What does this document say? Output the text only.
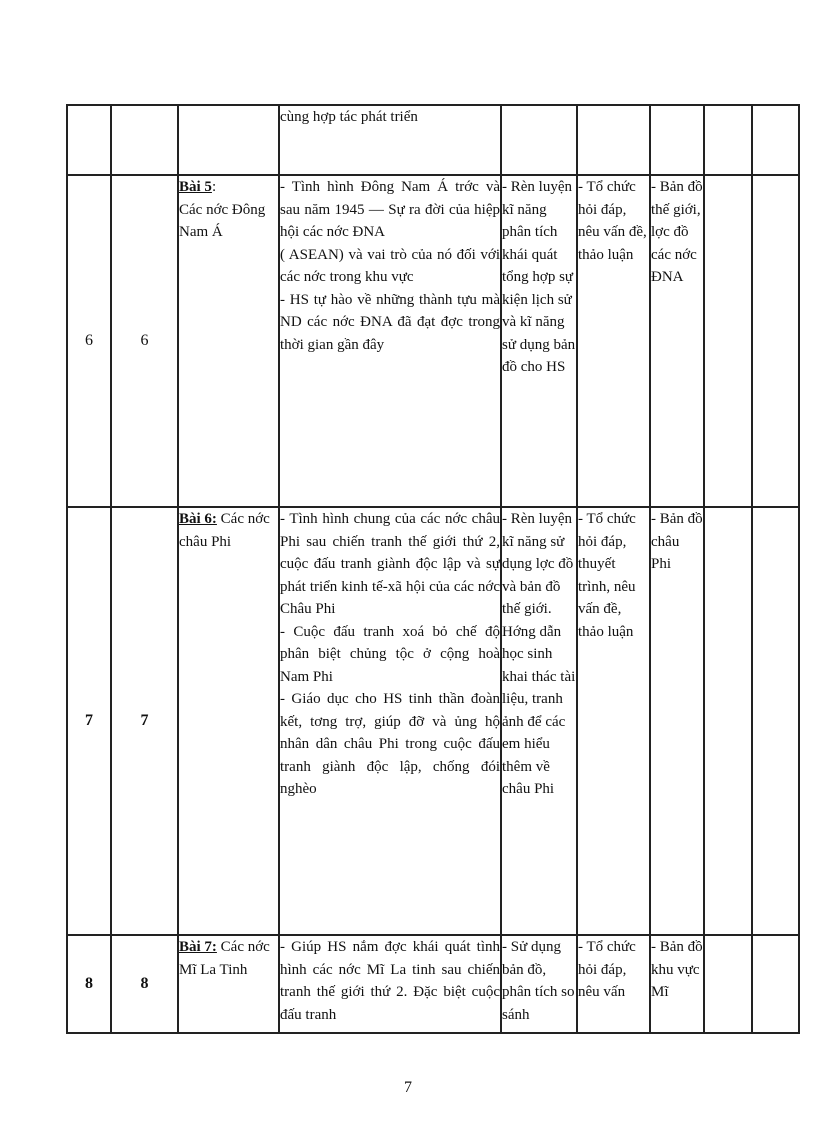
			cùng hợp tác phát triển					
6	6	Bài 5:
Các nớc Đông Nam Á	- Tình hình Đông Nam Á trớc và sau năm 1945 — Sự ra đời của hiệp hội các nớc ĐNA
( ASEAN) và vai trò của nó đối với các nớc trong khu vực
- HS tự hào về những thành tựu mà ND các nớc ĐNA đã đạt đợc trong thời gian gần đây	- Rèn luyện kĩ năng phân tích khái quát tổng hợp sự kiện lịch sử và kĩ năng sử dụng bản đồ cho HS	- Tổ chức hỏi đáp, nêu vấn đề, thảo luận	- Bản đồ thế giới, lợc đồ các nớc ĐNA		
7	7	Bài 6: Các nớc châu Phi	- Tình hình chung của các nớc châu Phi sau chiến tranh thế giới thứ 2, cuộc đấu tranh giành độc lập và sự phát triển kinh tế-xã hội của các nớc Châu Phi
- Cuộc đấu tranh xoá bỏ chế độ phân biệt chủng tộc ở cộng hoà Nam Phi
- Giáo dục cho HS tinh thần đoàn kết, tơng trợ, giúp đỡ và ủng hộ nhân dân châu Phi trong cuộc đấu tranh giành độc lập, chống đói nghèo	- Rèn luyện kĩ năng sử dụng lợc đồ và bản đồ thế giới. Hớng dẫn học sinh khai thác tài liệu, tranh ảnh để các em hiểu thêm về châu Phi	- Tổ chức hỏi đáp, thuyết trình, nêu vấn đề, thảo luận	- Bản đồ châu Phi		
8	8	Bài 7: Các nớc Mĩ La Tinh	- Giúp HS nắm đợc khái quát tình hình các nớc Mĩ La tinh sau chiến tranh thế giới thứ 2. Đặc biệt cuộc đấu tranh	- Sử dụng bản đồ, phân tích so sánh	- Tổ chức hỏi đáp, nêu vấn	- Bản đồ khu vực Mĩ		
7
